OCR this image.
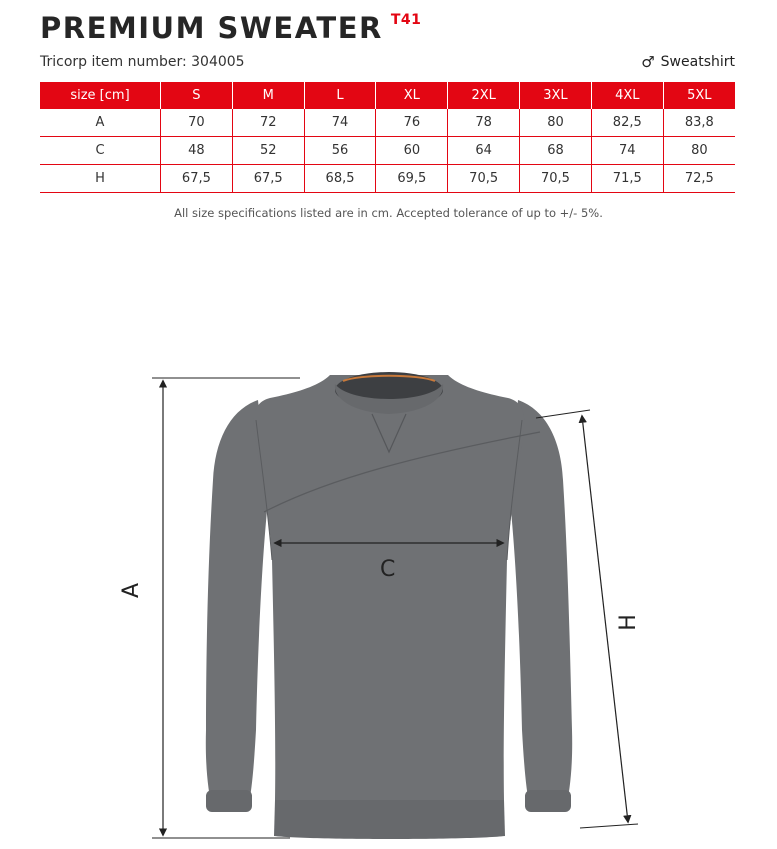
PREMIUM SWEATER T41
Tricorp item number: 304005	♂ Sweatshirt
size [cm]	S	M	L	XL	2XL	3XL	4XL	5XL
A	70	72	74	76	78	80	82,5	83,8
C	48	52	56	60	64	68	74	80
H	67,5	67,5	68,5	69,5	70,5	70,5	71,5	72,5
All size specifications listed are in cm. Accepted tolerance of up to +/- 5%.
A
C
H
